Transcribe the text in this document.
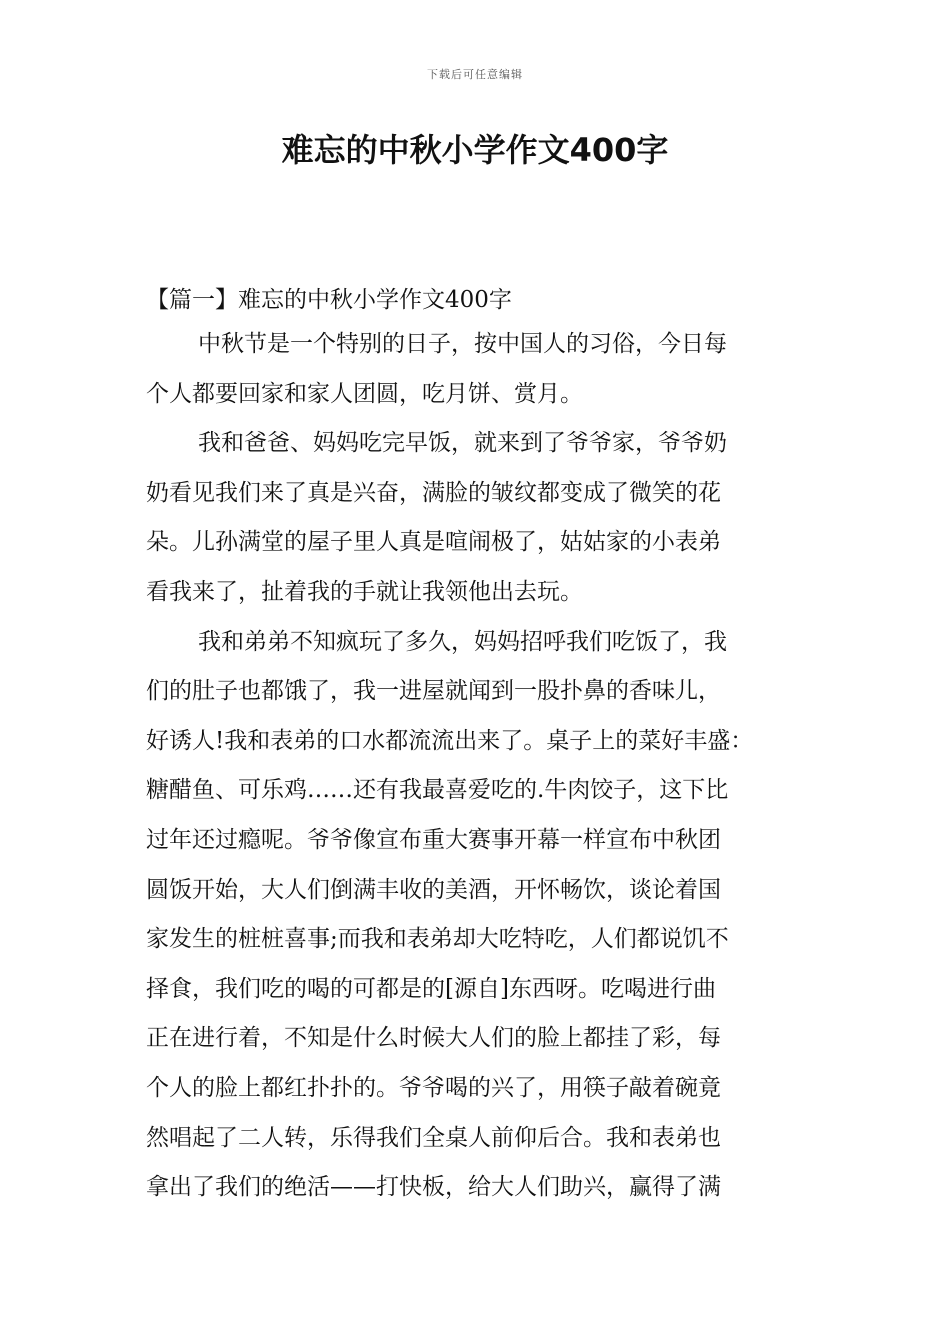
下载后可任意编辑
难忘的中秋小学作文400字
【篇一】难忘的中秋小学作文400字

中秋节是一个特别的日子，按中国人的习俗，今日每

个人都要回家和家人团圆，吃月饼、赏月。

我和爸爸、妈妈吃完早饭，就来到了爷爷家，爷爷奶

奶看见我们来了真是兴奋，满脸的皱纹都变成了微笑的花

朵。儿孙满堂的屋子里人真是喧闹极了，姑姑家的小表弟

看我来了，扯着我的手就让我领他出去玩。

我和弟弟不知疯玩了多久，妈妈招呼我们吃饭了，我

们的肚子也都饿了，我一进屋就闻到一股扑鼻的香味儿，

好诱人!我和表弟的口水都流流出来了。桌子上的菜好丰盛：

糖醋鱼、可乐鸡……还有我最喜爱吃的.牛肉饺子，这下比

过年还过瘾呢。爷爷像宣布重大赛事开幕一样宣布中秋团

圆饭开始，大人们倒满丰收的美酒，开怀畅饮，谈论着国

家发生的桩桩喜事;而我和表弟却大吃特吃，人们都说饥不

择食，我们吃的喝的可都是的[源自]东西呀。吃喝进行曲

正在进行着，不知是什么时候大人们的脸上都挂了彩，每

个人的脸上都红扑扑的。爷爷喝的兴了，用筷子敲着碗竟

然唱起了二人转，乐得我们全桌人前仰后合。我和表弟也

拿出了我们的绝活——打快板，给大人们助兴，赢得了满
